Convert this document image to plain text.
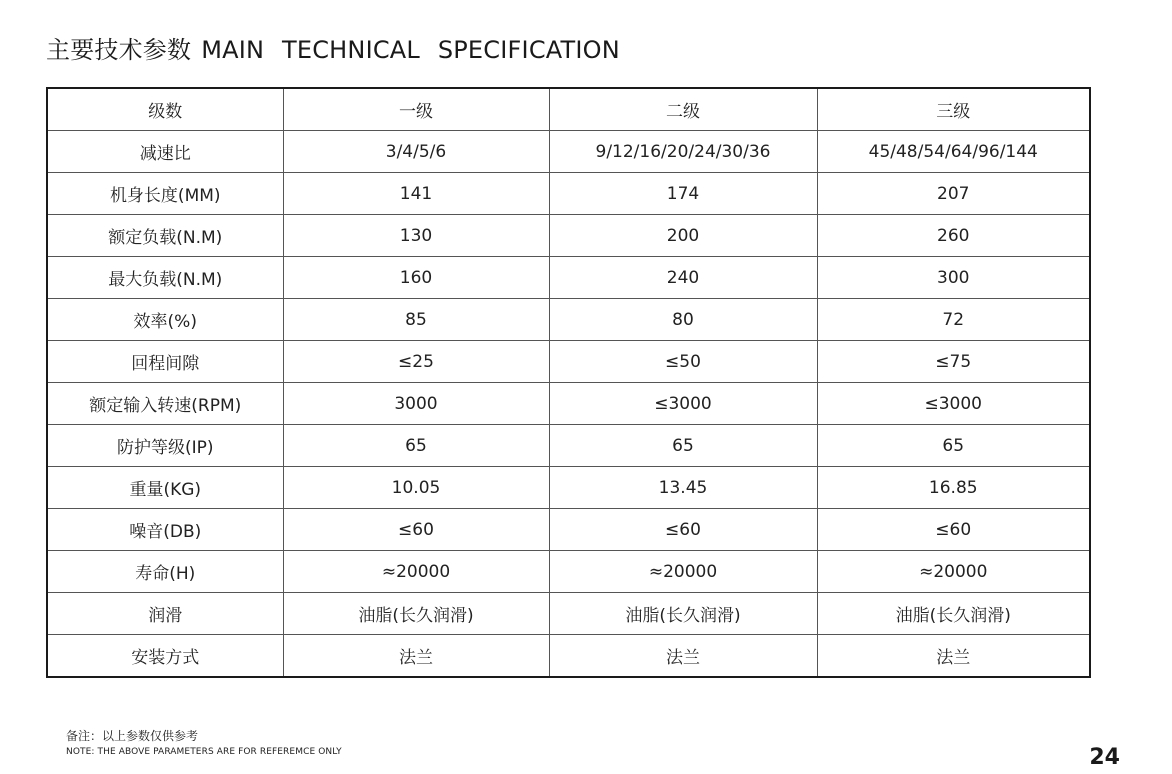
主要技术参数 MAIN TECHNICAL SPECIFICATION
级数	一级	二级	三级
减速比	3/4/5/6	9/12/16/20/24/30/36	45/48/54/64/96/144
机身长度(MM)	141	174	207
额定负载(N.M)	130	200	260
最大负载(N.M)	160	240	300
效率(%)	85	80	72
回程间隙	≤25	≤50	≤75
额定输入转速(RPM)	3000	≤3000	≤3000
防护等级(IP)	65	65	65
重量(KG)	10.05	13.45	16.85
噪音(DB)	≤60	≤60	≤60
寿命(H)	≈20000	≈20000	≈20000
润滑	油脂(长久润滑)	油脂(长久润滑)	油脂(长久润滑)
安装方式	法兰	法兰	法兰
备注：以上参数仅供参考
NOTE: THE ABOVE PARAMETERS ARE FOR REFEREMCE ONLY	24
